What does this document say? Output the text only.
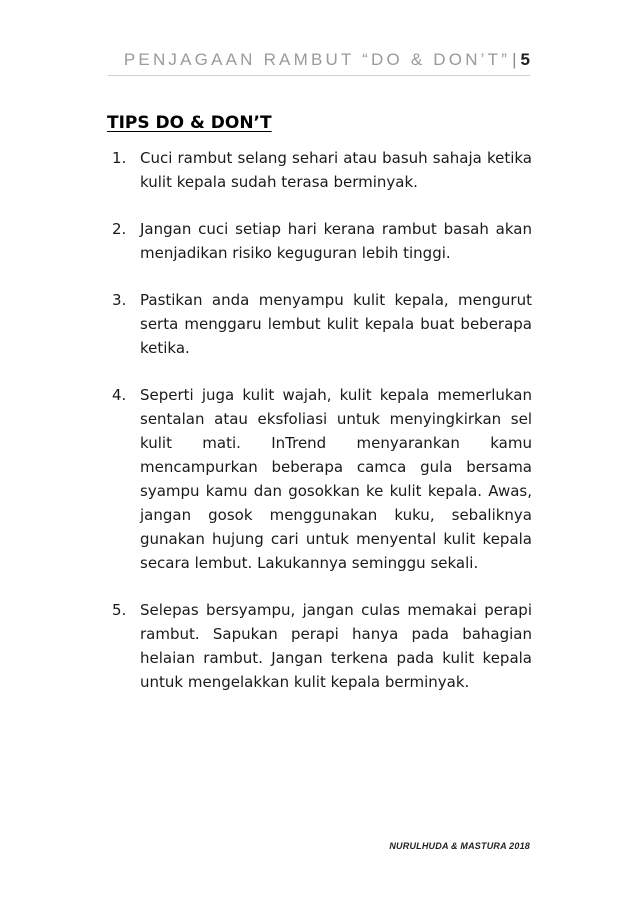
PENJAGAAN RAMBUT “DO & DON’T” | 5
TIPS DO & DON’T
1. Cuci rambut selang sehari atau basuh sahaja ketika kulit kepala sudah terasa berminyak.
2. Jangan cuci setiap hari kerana rambut basah akan menjadikan risiko keguguran lebih tinggi.
3. Pastikan anda menyampu kulit kepala, mengurut serta menggaru lembut kulit kepala buat beberapa ketika.
4. Seperti juga kulit wajah, kulit kepala memerlukan sentalan atau eksfoliasi untuk menyingkirkan sel kulit mati. InTrend menyarankan kamu mencampurkan beberapa camca gula bersama syampu kamu dan gosokkan ke kulit kepala. Awas, jangan gosok menggunakan kuku, sebaliknya gunakan hujung cari untuk menyental kulit kepala secara lembut. Lakukannya seminggu sekali.
5. Selepas bersyampu, jangan culas memakai perapi rambut. Sapukan perapi hanya pada bahagian helaian rambut. Jangan terkena pada kulit kepala untuk mengelakkan kulit kepala berminyak.
NURULHUDA & MASTURA 2018
